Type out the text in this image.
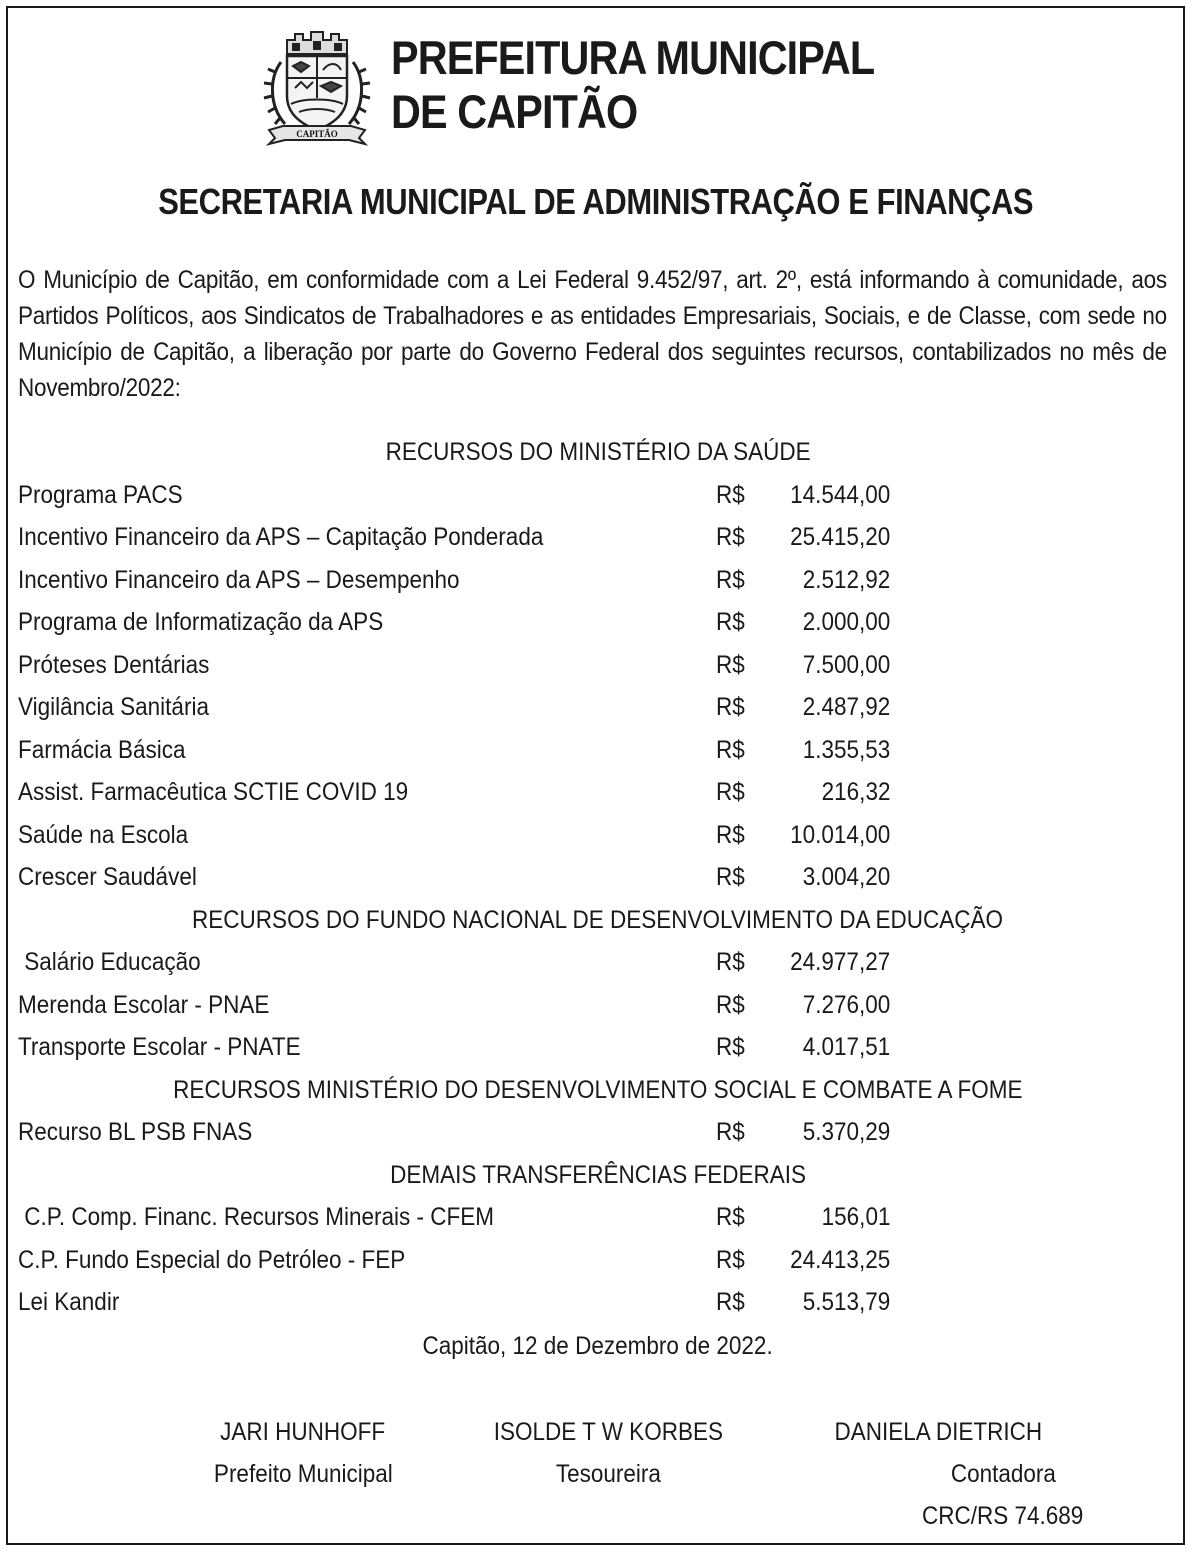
CAPITÃO
PREFEITURA MUNICIPAL
DE CAPITÃO
SECRETARIA MUNICIPAL DE ADMINISTRAÇÃO E FINANÇAS
O Município de Capitão, em conformidade com a Lei Federal 9.452/97, art. 2º, está informando à comunidade, aos Partidos Políticos, aos Sindicatos de Trabalhadores e as entidades Empresariais, Sociais, e de Classe, com sede no Município de Capitão, a liberação por parte do Governo Federal dos seguintes recursos, contabilizados no mês de Novembro/2022:
RECURSOS DO MINISTÉRIO DA SAÚDE
Programa PACS	R$ 14.544,00
Incentivo Financeiro da APS – Capitação Ponderada	R$ 25.415,20
Incentivo Financeiro da APS – Desempenho	R$ 2.512,92
Programa de Informatização da APS	R$ 2.000,00
Próteses Dentárias	R$ 7.500,00
Vigilância Sanitária	R$ 2.487,92
Farmácia Básica	R$ 1.355,53
Assist. Farmacêutica SCTIE COVID 19	R$	216,32
Saúde na Escola	R$ 10.014,00
Crescer Saudável	R$ 3.004,20
RECURSOS DO FUNDO NACIONAL DE DESENVOLVIMENTO DA EDUCAÇÃO
Salário Educação	R$ 24.977,27
Merenda Escolar - PNAE	R$ 7.276,00
Transporte Escolar - PNATE	R$ 4.017,51
RECURSOS MINISTÉRIO DO DESENVOLVIMENTO SOCIAL E COMBATE A FOME
Recurso BL PSB FNAS	R$ 5.370,29
DEMAIS TRANSFERÊNCIAS FEDERAIS
C.P. Comp. Financ. Recursos Minerais - CFEM	R$	156,01
C.P. Fundo Especial do Petróleo - FEP	R$ 24.413,25
Lei Kandir	R$ 5.513,79
Capitão, 12 de Dezembro de 2022.
JARI HUNHOFF
Prefeito Municipal
ISOLDE T W KORBES
Tesoureira
DANIELA DIETRICH
Contadora
CRC/RS 74.689
